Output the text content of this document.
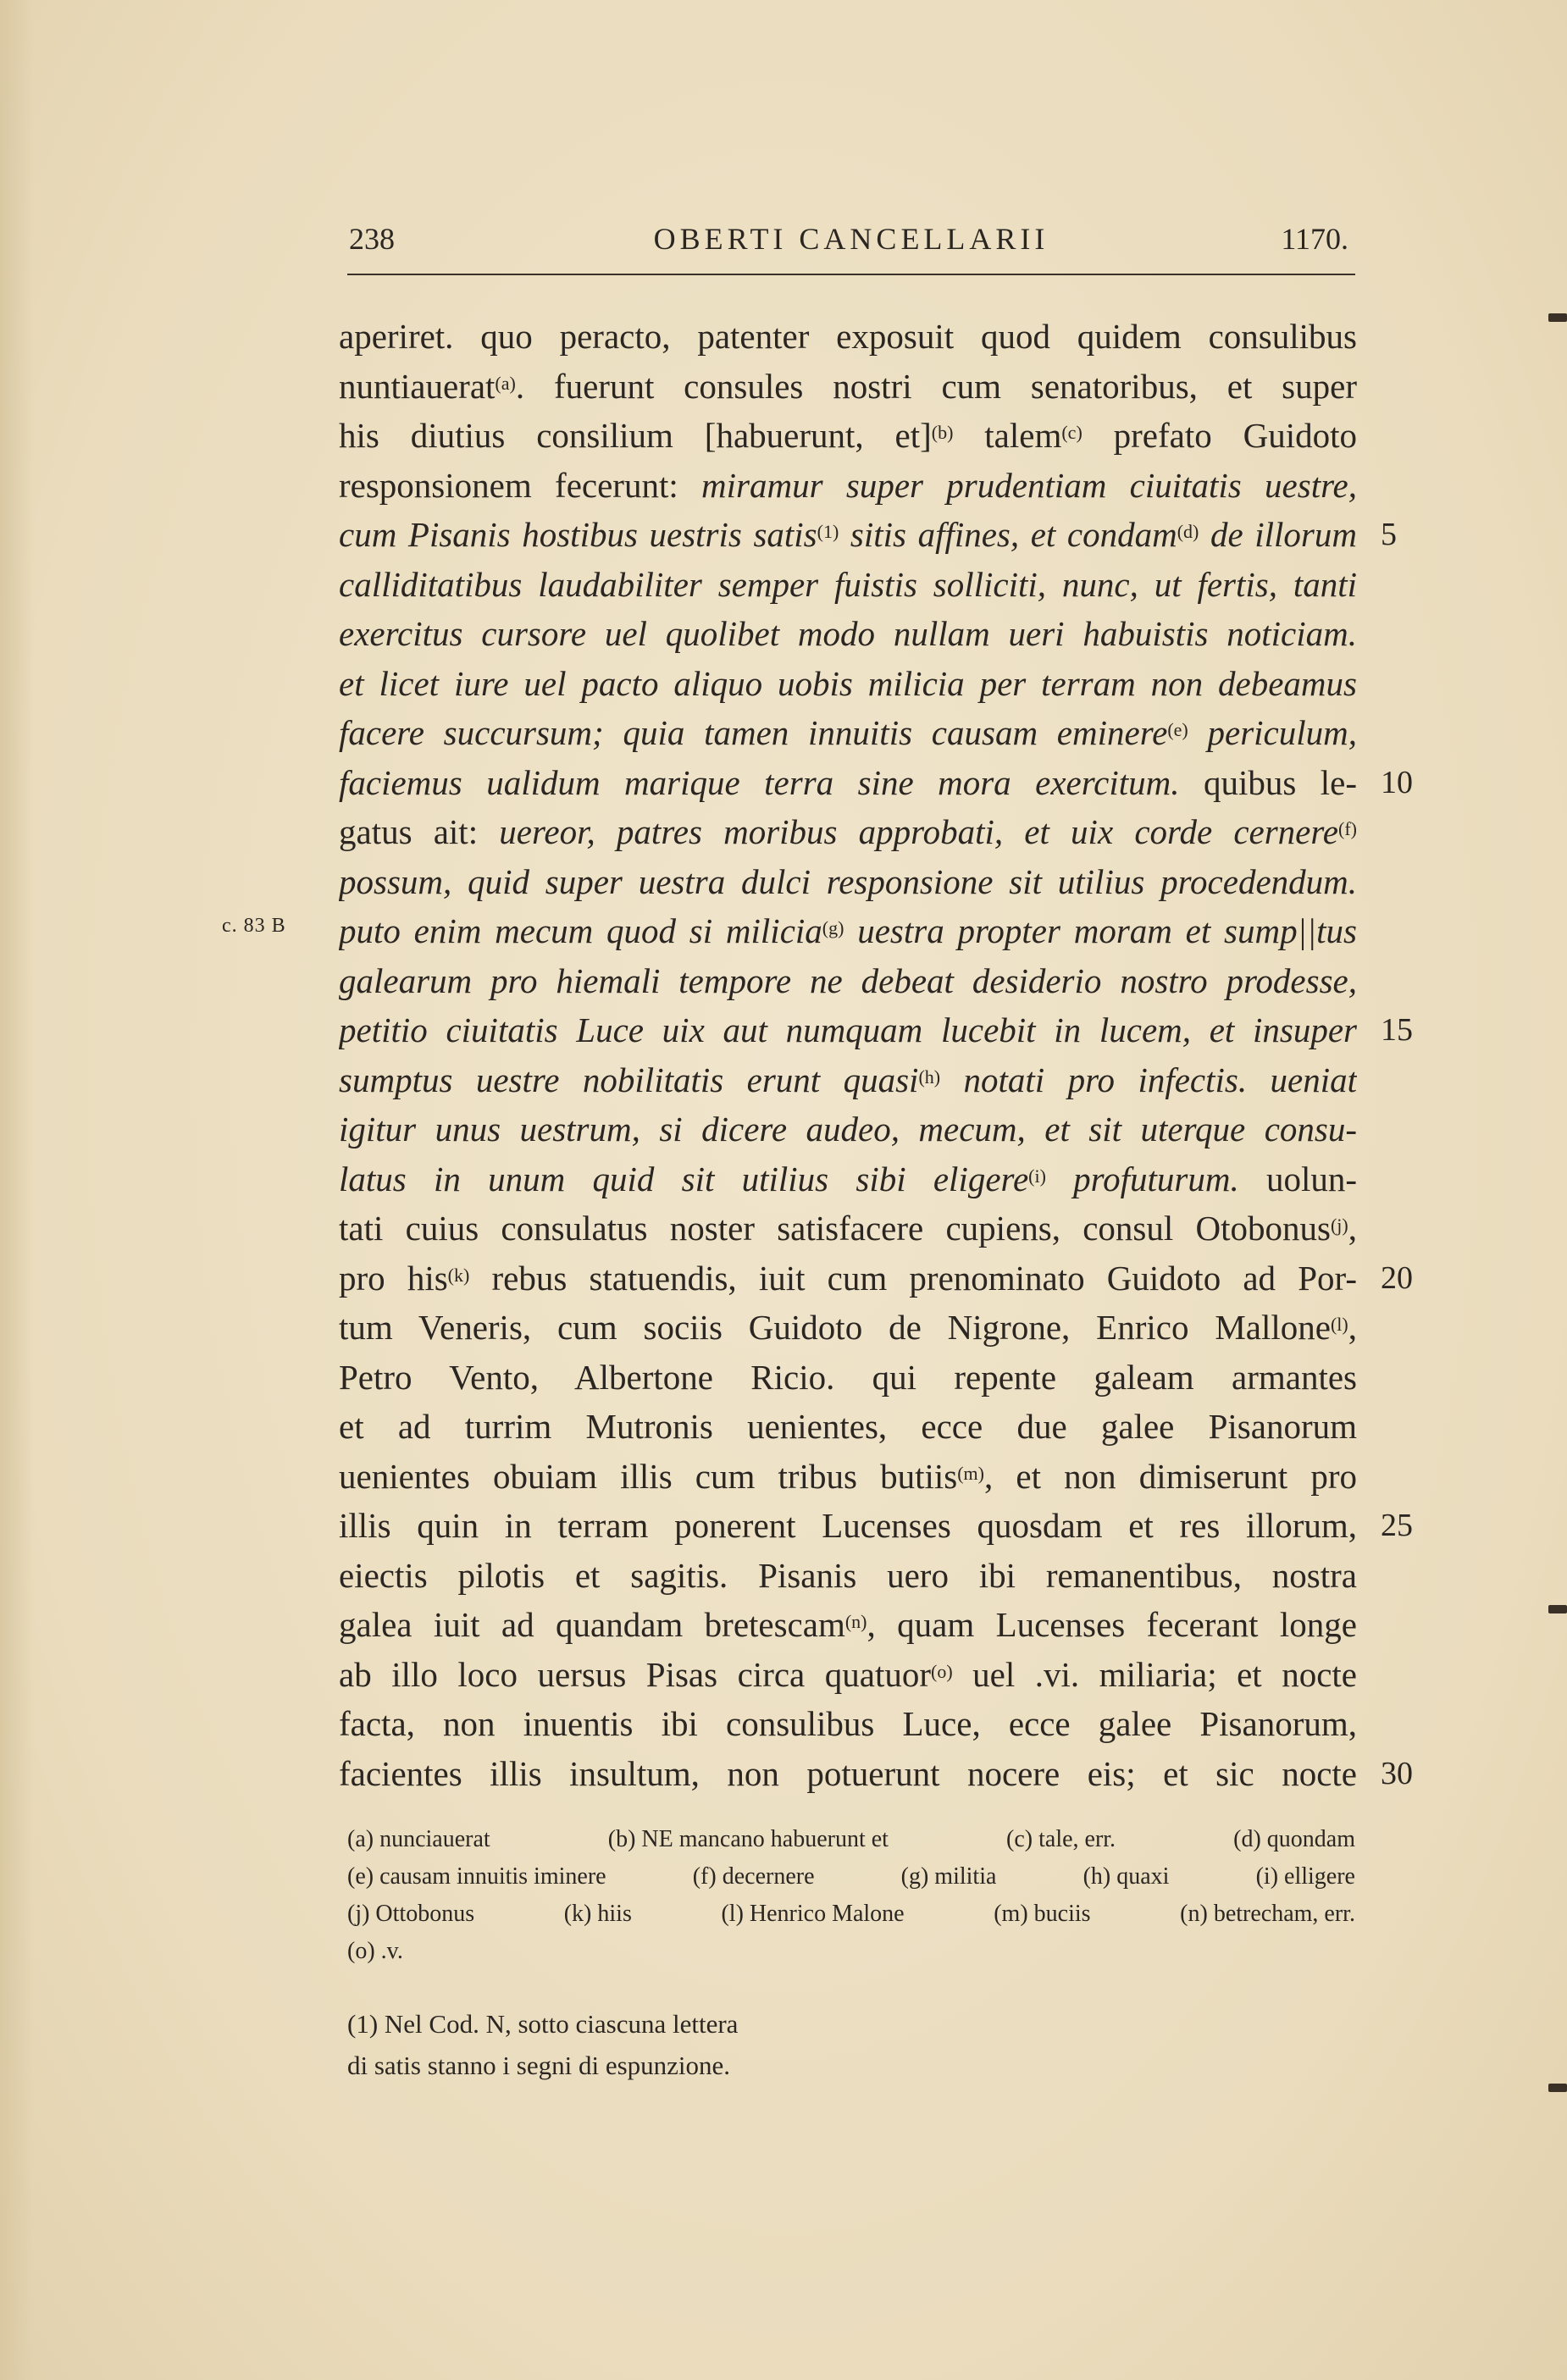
238	OBERTI CANCELLARII	1170.
c. 83 B
aperiret. quo peracto, patenter exposuit quod quidem consulibus
nuntiauerat$^{(a)}$. fuerunt consules nostri cum senatoribus, et super
his diutius consilium [habuerunt, et]$^{(b)}$ talem$^{(c)}$ prefato Guidoto
responsionem fecerunt: miramur super prudentiam ciuitatis uestre,
cum Pisanis hostibus uestris satis$^{(1)}$ sitis affines, et condam$^{(d)}$ de illorum
calliditatibus laudabiliter semper fuistis solliciti, nunc, ut fertis, tanti
exercitus cursore uel quolibet modo nullam ueri habuistis noticiam.
et licet iure uel pacto aliquo uobis milicia per terram non debeamus
facere succursum; quia tamen innuitis causam eminere$^{(e)}$ periculum,
faciemus ualidum marique terra sine mora exercitum. quibus le-
gatus ait: uereor, patres moribus approbati, et uix corde cernere$^{(f)}$
possum, quid super uestra dulci responsione sit utilius procedendum.
puto enim mecum quod si milicia$^{(g)}$ uestra propter moram et sump||tus
galearum pro hiemali tempore ne debeat desiderio nostro prodesse,
petitio ciuitatis Luce uix aut numquam lucebit in lucem, et insuper
sumptus uestre nobilitatis erunt quasi$^{(h)}$ notati pro infectis. ueniat
igitur unus uestrum, si dicere audeo, mecum, et sit uterque consu-
latus in unum quid sit utilius sibi eligere$^{(i)}$ profuturum. uolun-
tati cuius consulatus noster satisfacere cupiens, consul Otobonus$^{(j)}$,
pro his$^{(k)}$ rebus statuendis, iuit cum prenominato Guidoto ad Por-
tum Veneris, cum sociis Guidoto de Nigrone, Enrico Mallone$^{(l)}$,
Petro Vento, Albertone Ricio. qui repente galeam armantes
et ad turrim Mutronis uenientes, ecce due galee Pisanorum
uenientes obuiam illis cum tribus butiis$^{(m)}$, et non dimiserunt pro
illis quin in terram ponerent Lucenses quosdam et res illorum,
eiectis pilotis et sagitis. Pisanis uero ibi remanentibus, nostra
galea iuit ad quandam bretescam$^{(n)}$, quam Lucenses fecerant longe
ab illo loco uersus Pisas circa quatuor$^{(o)}$ uel .vi. miliaria; et nocte
facta, non inuentis ibi consulibus Luce, ecce galee Pisanorum,
facientes illis insultum, non potuerunt nocere eis; et sic nocte
5
10
15
20
25
30
(a) nunciauerat	(b) NE mancano habuerunt et	(c) tale, err.	(d) quondam
(e) causam innuitis iminere	(f) decernere	(g) militia	(h) quaxi	(i) elligere
(j) Ottobonus	(k) hiis	(l) Henrico Malone	(m) buciis	(n) betrecham, err.
(o) .v.
(1) Nel Cod. N, sotto ciascuna lettera
di satis stanno i segni di espunzione.
